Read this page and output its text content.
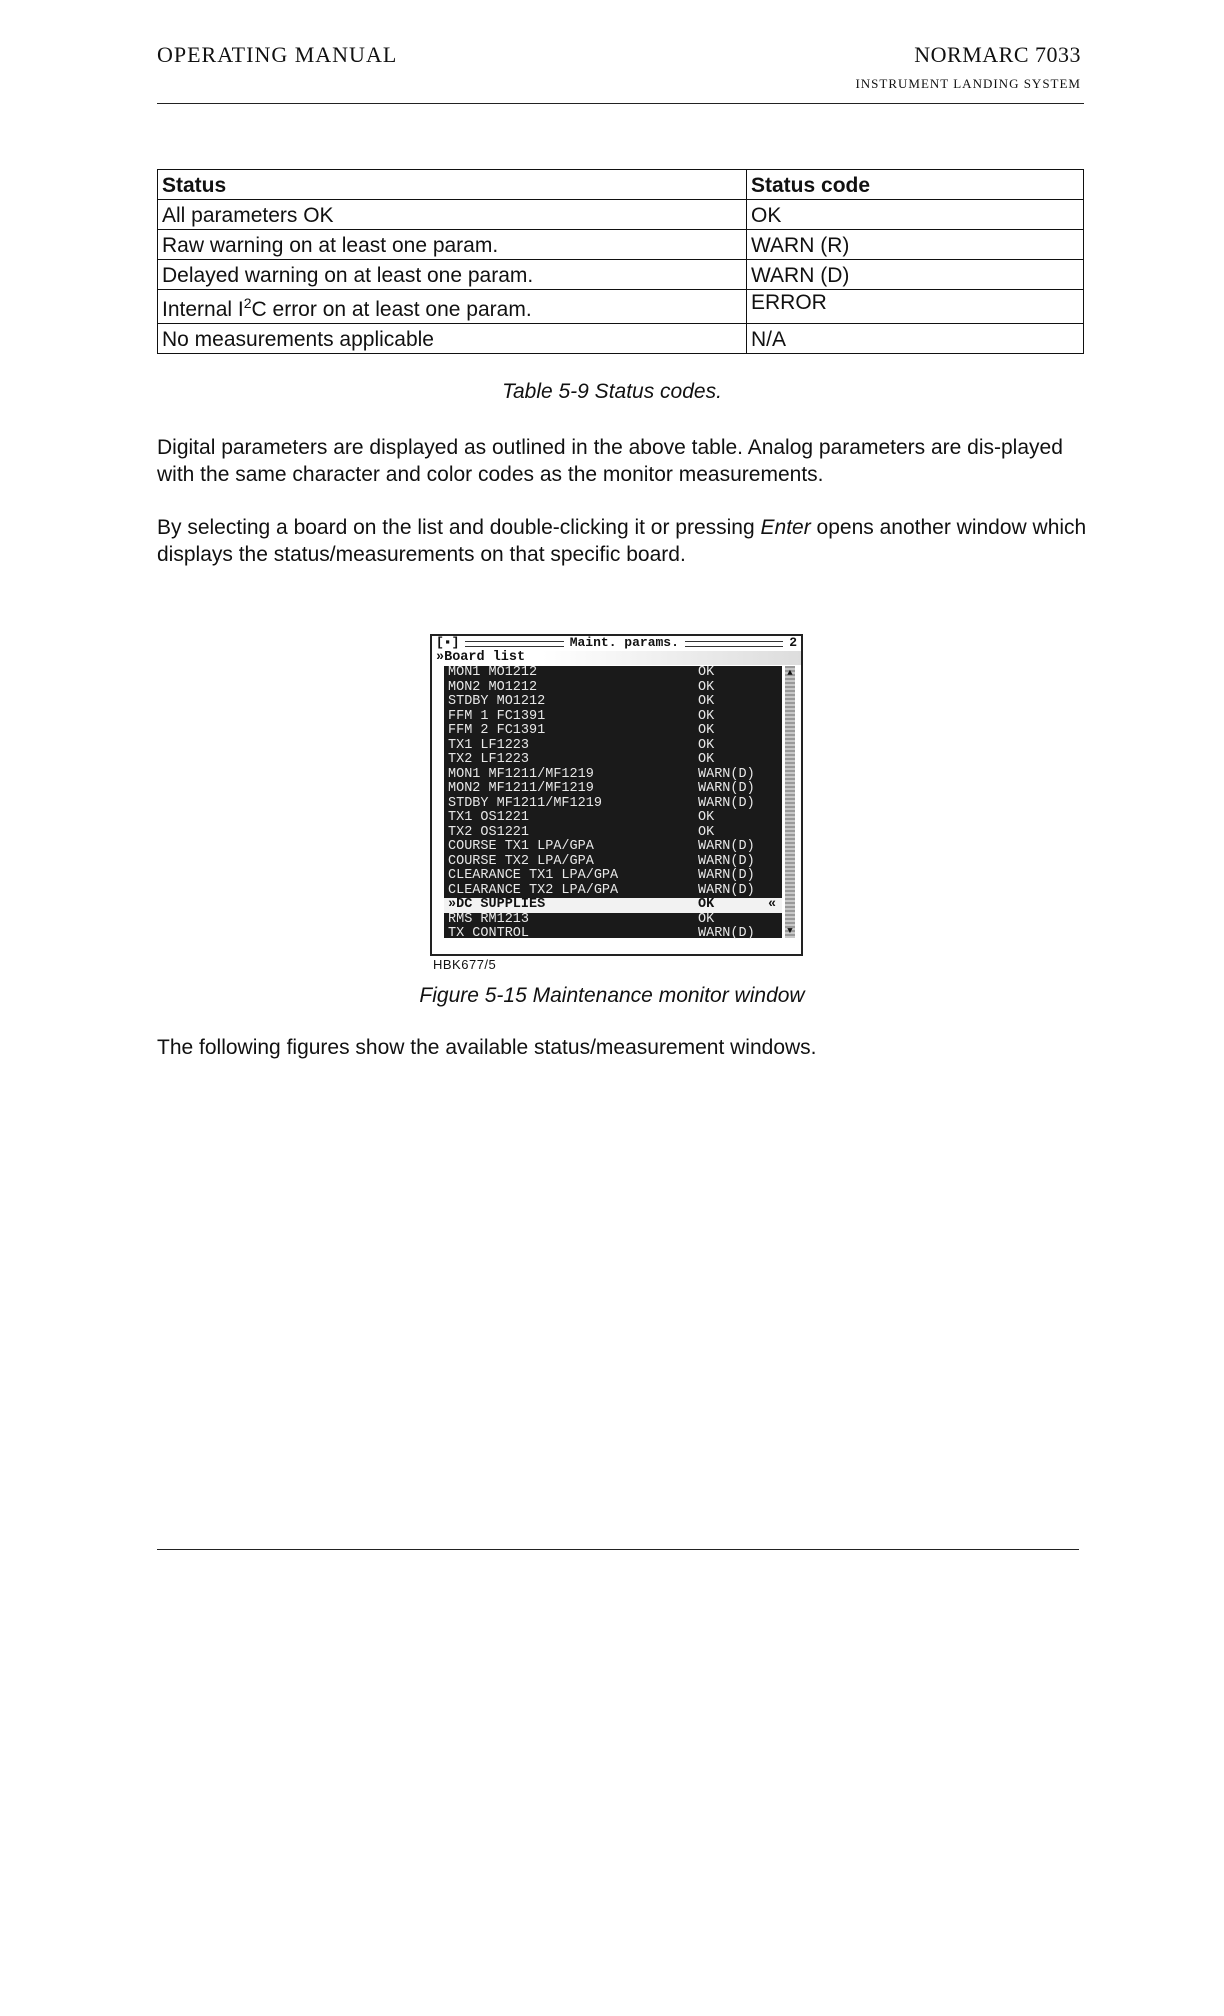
OPERATING MANUAL	NORMARC 7033
INSTRUMENT LANDING SYSTEM
Status	Status code
All parameters OK	OK
Raw warning on at least one param.	WARN (R)
Delayed warning on at least one param.	WARN (D)
Internal $I^2C$ error on at least one param.	ERROR
No measurements applicable	N/A
Table 5-9 Status codes.
Digital parameters are displayed as outlined in the above table. Analog parameters are dis-played with the same character and color codes as the monitor measurements.
By selecting a board on the list and double-clicking it or pressing Enter opens another window which displays the status/measurements on that specific board.
[▪]	Maint. params.	2
»Board list
MON1 MO1212	OK
MON2 MO1212	OK
STDBY MO1212	OK
FFM 1 FC1391	OK
FFM 2 FC1391	OK
TX1 LF1223	OK
TX2 LF1223	OK
MON1 MF1211/MF1219	WARN(D)
MON2 MF1211/MF1219	WARN(D)
STDBY MF1211/MF1219	WARN(D)
TX1 OS1221	OK
TX2 OS1221	OK
COURSE TX1 LPA/GPA	WARN(D)
COURSE TX2 LPA/GPA	WARN(D)
CLEARANCE TX1 LPA/GPA	WARN(D)
CLEARANCE TX2 LPA/GPA	WARN(D)
»DC SUPPLIES	OK	«
RMS RM1213	OK
TX CONTROL	WARN(D)
▲
▼
HBK677/5
Figure 5-15 Maintenance monitor window
The following figures show the available status/measurement windows.
